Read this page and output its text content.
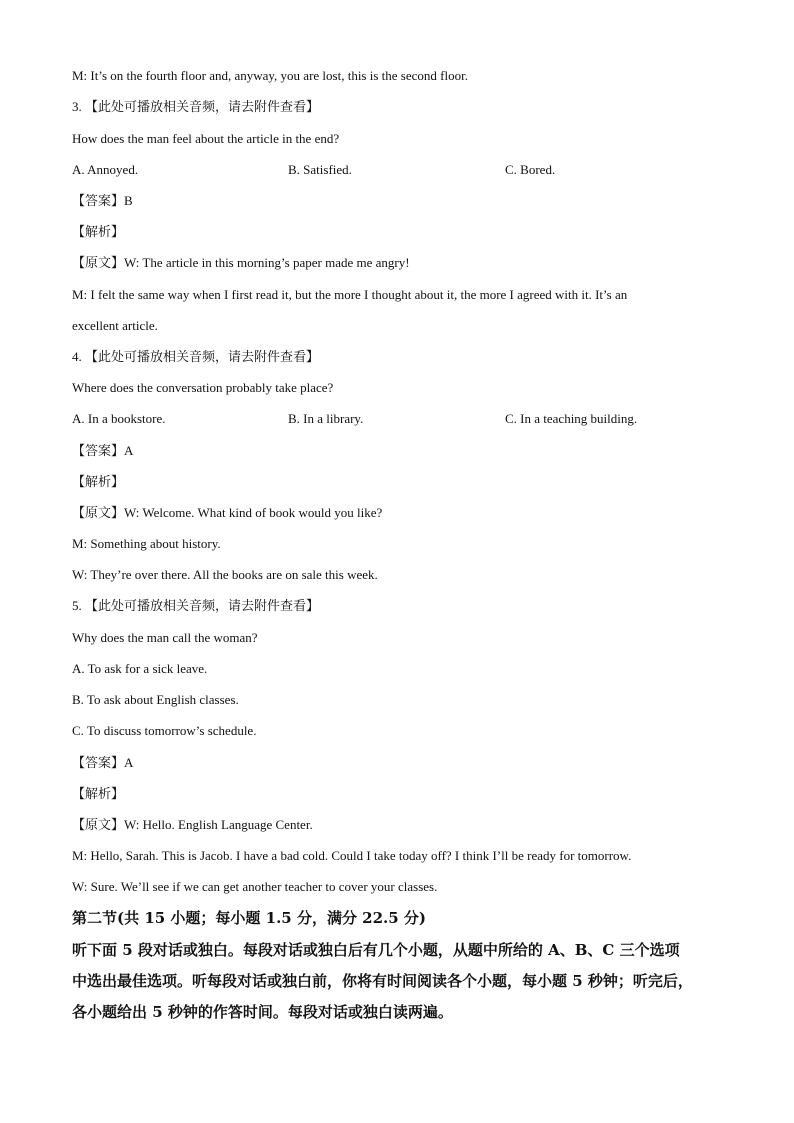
M: It’s on the fourth floor and, anyway, you are lost, this is the second floor.
3. 【此处可播放相关音频，请去附件查看】
How does the man feel about the article in the end?
A. Annoyed.	B. Satisfied.	C. Bored.
【答案】B
【解析】
【原文】W: The article in this morning’s paper made me angry!
M: I felt the same way when I first read it, but the more I thought about it, the more I agreed with it. It’s an
excellent article.
4. 【此处可播放相关音频，请去附件查看】
Where does the conversation probably take place?
A. In a bookstore.	B. In a library.	C. In a teaching building.
【答案】A
【解析】
【原文】W: Welcome. What kind of book would you like?
M: Something about history.
W: They’re over there. All the books are on sale this week.
5. 【此处可播放相关音频，请去附件查看】
Why does the man call the woman?
A. To ask for a sick leave.
B. To ask about English classes.
C. To discuss tomorrow’s schedule.
【答案】A
【解析】
【原文】W: Hello. English Language Center.
M: Hello, Sarah. This is Jacob. I have a bad cold. Could I take today off? I think I’ll be ready for tomorrow.
W: Sure. We’ll see if we can get another teacher to cover your classes.
第二节(共 15 小题；每小题 1.5 分，满分 22.5 分)
听下面 5 段对话或独白。每段对话或独白后有几个小题，从题中所给的 A、B、C 三个选项
中选出最佳选项。听每段对话或独白前，你将有时间阅读各个小题，每小题 5 秒钟；听完后，
各小题给出 5 秒钟的作答时间。每段对话或独白读两遍。
